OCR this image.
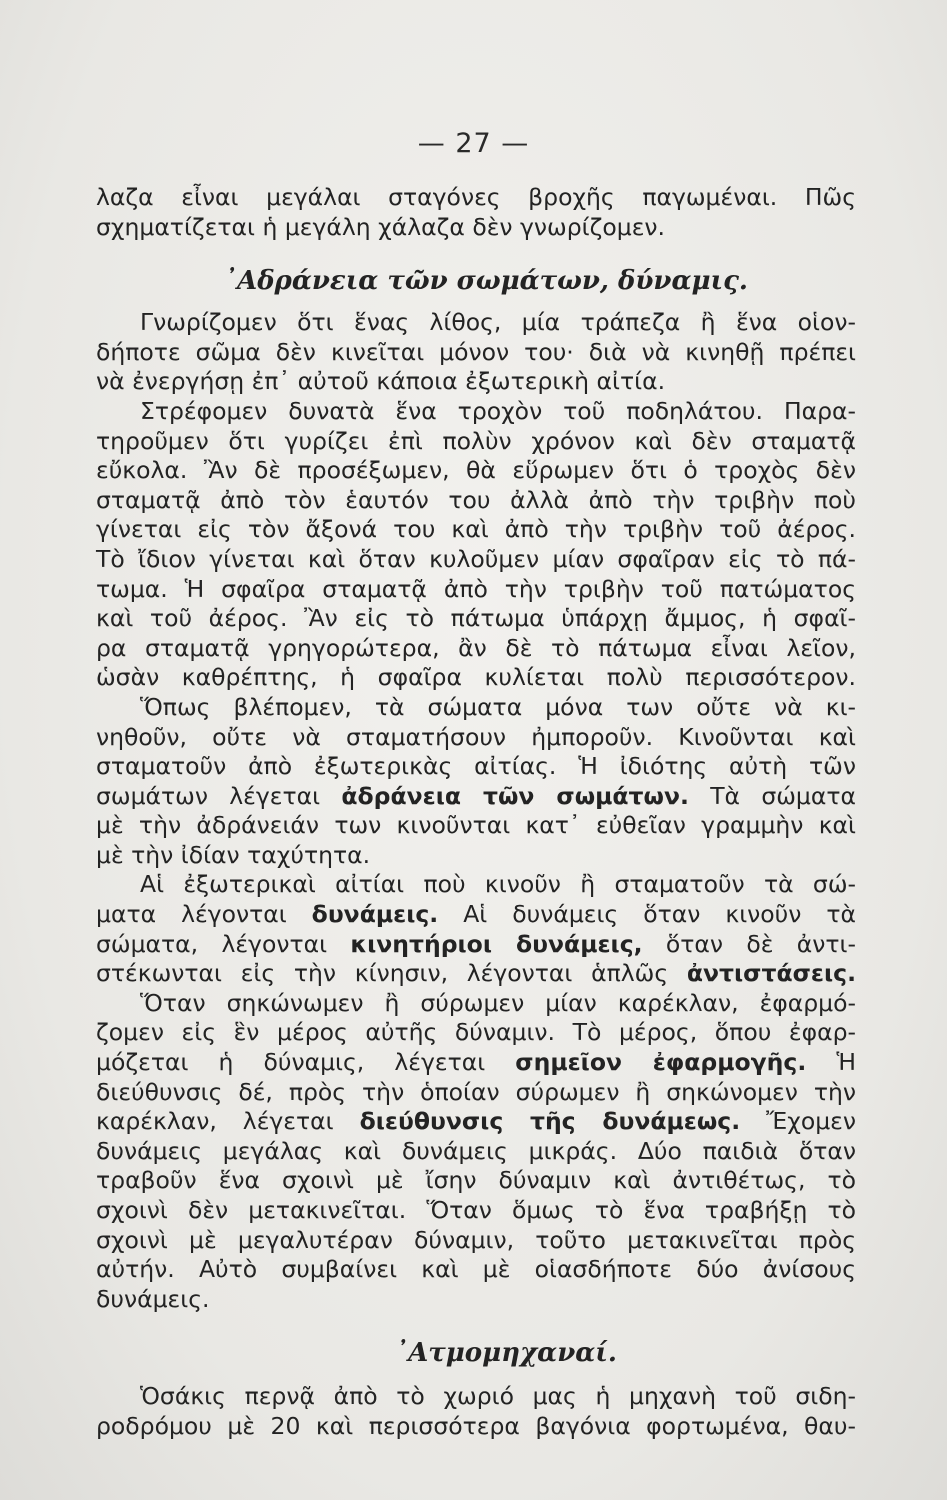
— 27 —
λαζα εἶναι μεγάλαι σταγόνες βροχῆς παγωμέναι. Πῶς
σχηματίζεται ἡ μεγάλη χάλαζα δὲν γνωρίζομεν.
᾿Αδράνεια τῶν σωμάτων, δύναμις.
Γνωρίζομεν ὅτι ἕνας λίθος, μία τράπεζα ἢ ἕνα οἱον-
δήποτε σῶμα δὲν κινεῖται μόνον του· διὰ νὰ κινηθῇ πρέπει
νὰ ἐνεργήσῃ ἐπ᾿ αὐτοῦ κάποια ἐξωτερικὴ αἰτία.
Στρέφομεν δυνατὰ ἕνα τροχὸν τοῦ ποδηλάτου. Παρα-
τηροῦμεν ὅτι γυρίζει ἐπὶ πολὺν χρόνον καὶ δὲν σταματᾷ
εὔκολα. Ἂν δὲ προσέξωμεν, θὰ εὕρωμεν ὅτι ὁ τροχὸς δὲν
σταματᾷ ἀπὸ τὸν ἑαυτόν του ἀλλὰ ἀπὸ τὴν τριβὴν ποὺ
γίνεται εἰς τὸν ἄξονά του καὶ ἀπὸ τὴν τριβὴν τοῦ ἀέρος.
Τὸ ἴδιον γίνεται καὶ ὅταν κυλοῦμεν μίαν σφαῖραν εἰς τὸ πά-
τωμα. Ἡ σφαῖρα σταματᾷ ἀπὸ τὴν τριβὴν τοῦ πατώματος
καὶ τοῦ ἀέρος. Ἂν εἰς τὸ πάτωμα ὑπάρχῃ ἄμμος, ἡ σφαῖ-
ρα σταματᾷ γρηγορώτερα, ἂν δὲ τὸ πάτωμα εἶναι λεῖον,
ὡσὰν καθρέπτης, ἡ σφαῖρα κυλίεται πολὺ περισσότερον.
Ὅπως βλέπομεν, τὰ σώματα μόνα των οὔτε νὰ κι-
νηθοῦν, οὔτε νὰ σταματήσουν ἠμποροῦν. Κινοῦνται καὶ
σταματοῦν ἀπὸ ἐξωτερικὰς αἰτίας. Ἡ ἰδιότης αὐτὴ τῶν
σωμάτων λέγεται ἀδράνεια τῶν σωμάτων. Τὰ σώματα
μὲ τὴν ἀδράνειάν των κινοῦνται κατ᾿ εὐθεῖαν γραμμὴν καὶ
μὲ τὴν ἰδίαν ταχύτητα.
Αἱ ἐξωτερικαὶ αἰτίαι ποὺ κινοῦν ἢ σταματοῦν τὰ σώ-
ματα λέγονται δυνάμεις. Αἱ δυνάμεις ὅταν κινοῦν τὰ
σώματα, λέγονται κινητήριοι δυνάμεις, ὅταν δὲ ἀντι-
στέκωνται εἰς τὴν κίνησιν, λέγονται ἁπλῶς ἀντιστάσεις.
Ὅταν σηκώνωμεν ἢ σύρωμεν μίαν καρέκλαν, ἐφαρμό-
ζομεν εἰς ἓν μέρος αὐτῆς δύναμιν. Τὸ μέρος, ὅπου ἐφαρ-
μόζεται ἡ δύναμις, λέγεται σημεῖον ἐφαρμογῆς. Ἡ
διεύθυνσις δέ, πρὸς τὴν ὁποίαν σύρωμεν ἢ σηκώνομεν τὴν
καρέκλαν, λέγεται διεύθυνσις τῆς δυνάμεως. Ἔχομεν
δυνάμεις μεγάλας καὶ δυνάμεις μικράς. Δύο παιδιὰ ὅταν
τραβοῦν ἕνα σχοινὶ μὲ ἴσην δύναμιν καὶ ἀντιθέτως, τὸ
σχοινὶ δὲν μετακινεῖται. Ὅταν ὅμως τὸ ἕνα τραβήξῃ τὸ
σχοινὶ μὲ μεγαλυτέραν δύναμιν, τοῦτο μετακινεῖται πρὸς
αὐτήν. Αὐτὸ συμβαίνει καὶ μὲ οἱασδήποτε δύο ἀνίσους
δυνάμεις.
᾿Ατμομηχαναί.
Ὁσάκις περνᾷ ἀπὸ τὸ χωριό μας ἡ μηχανὴ τοῦ σιδη-
ροδρόμου μὲ 20 καὶ περισσότερα βαγόνια φορτωμένα, θαυ-
